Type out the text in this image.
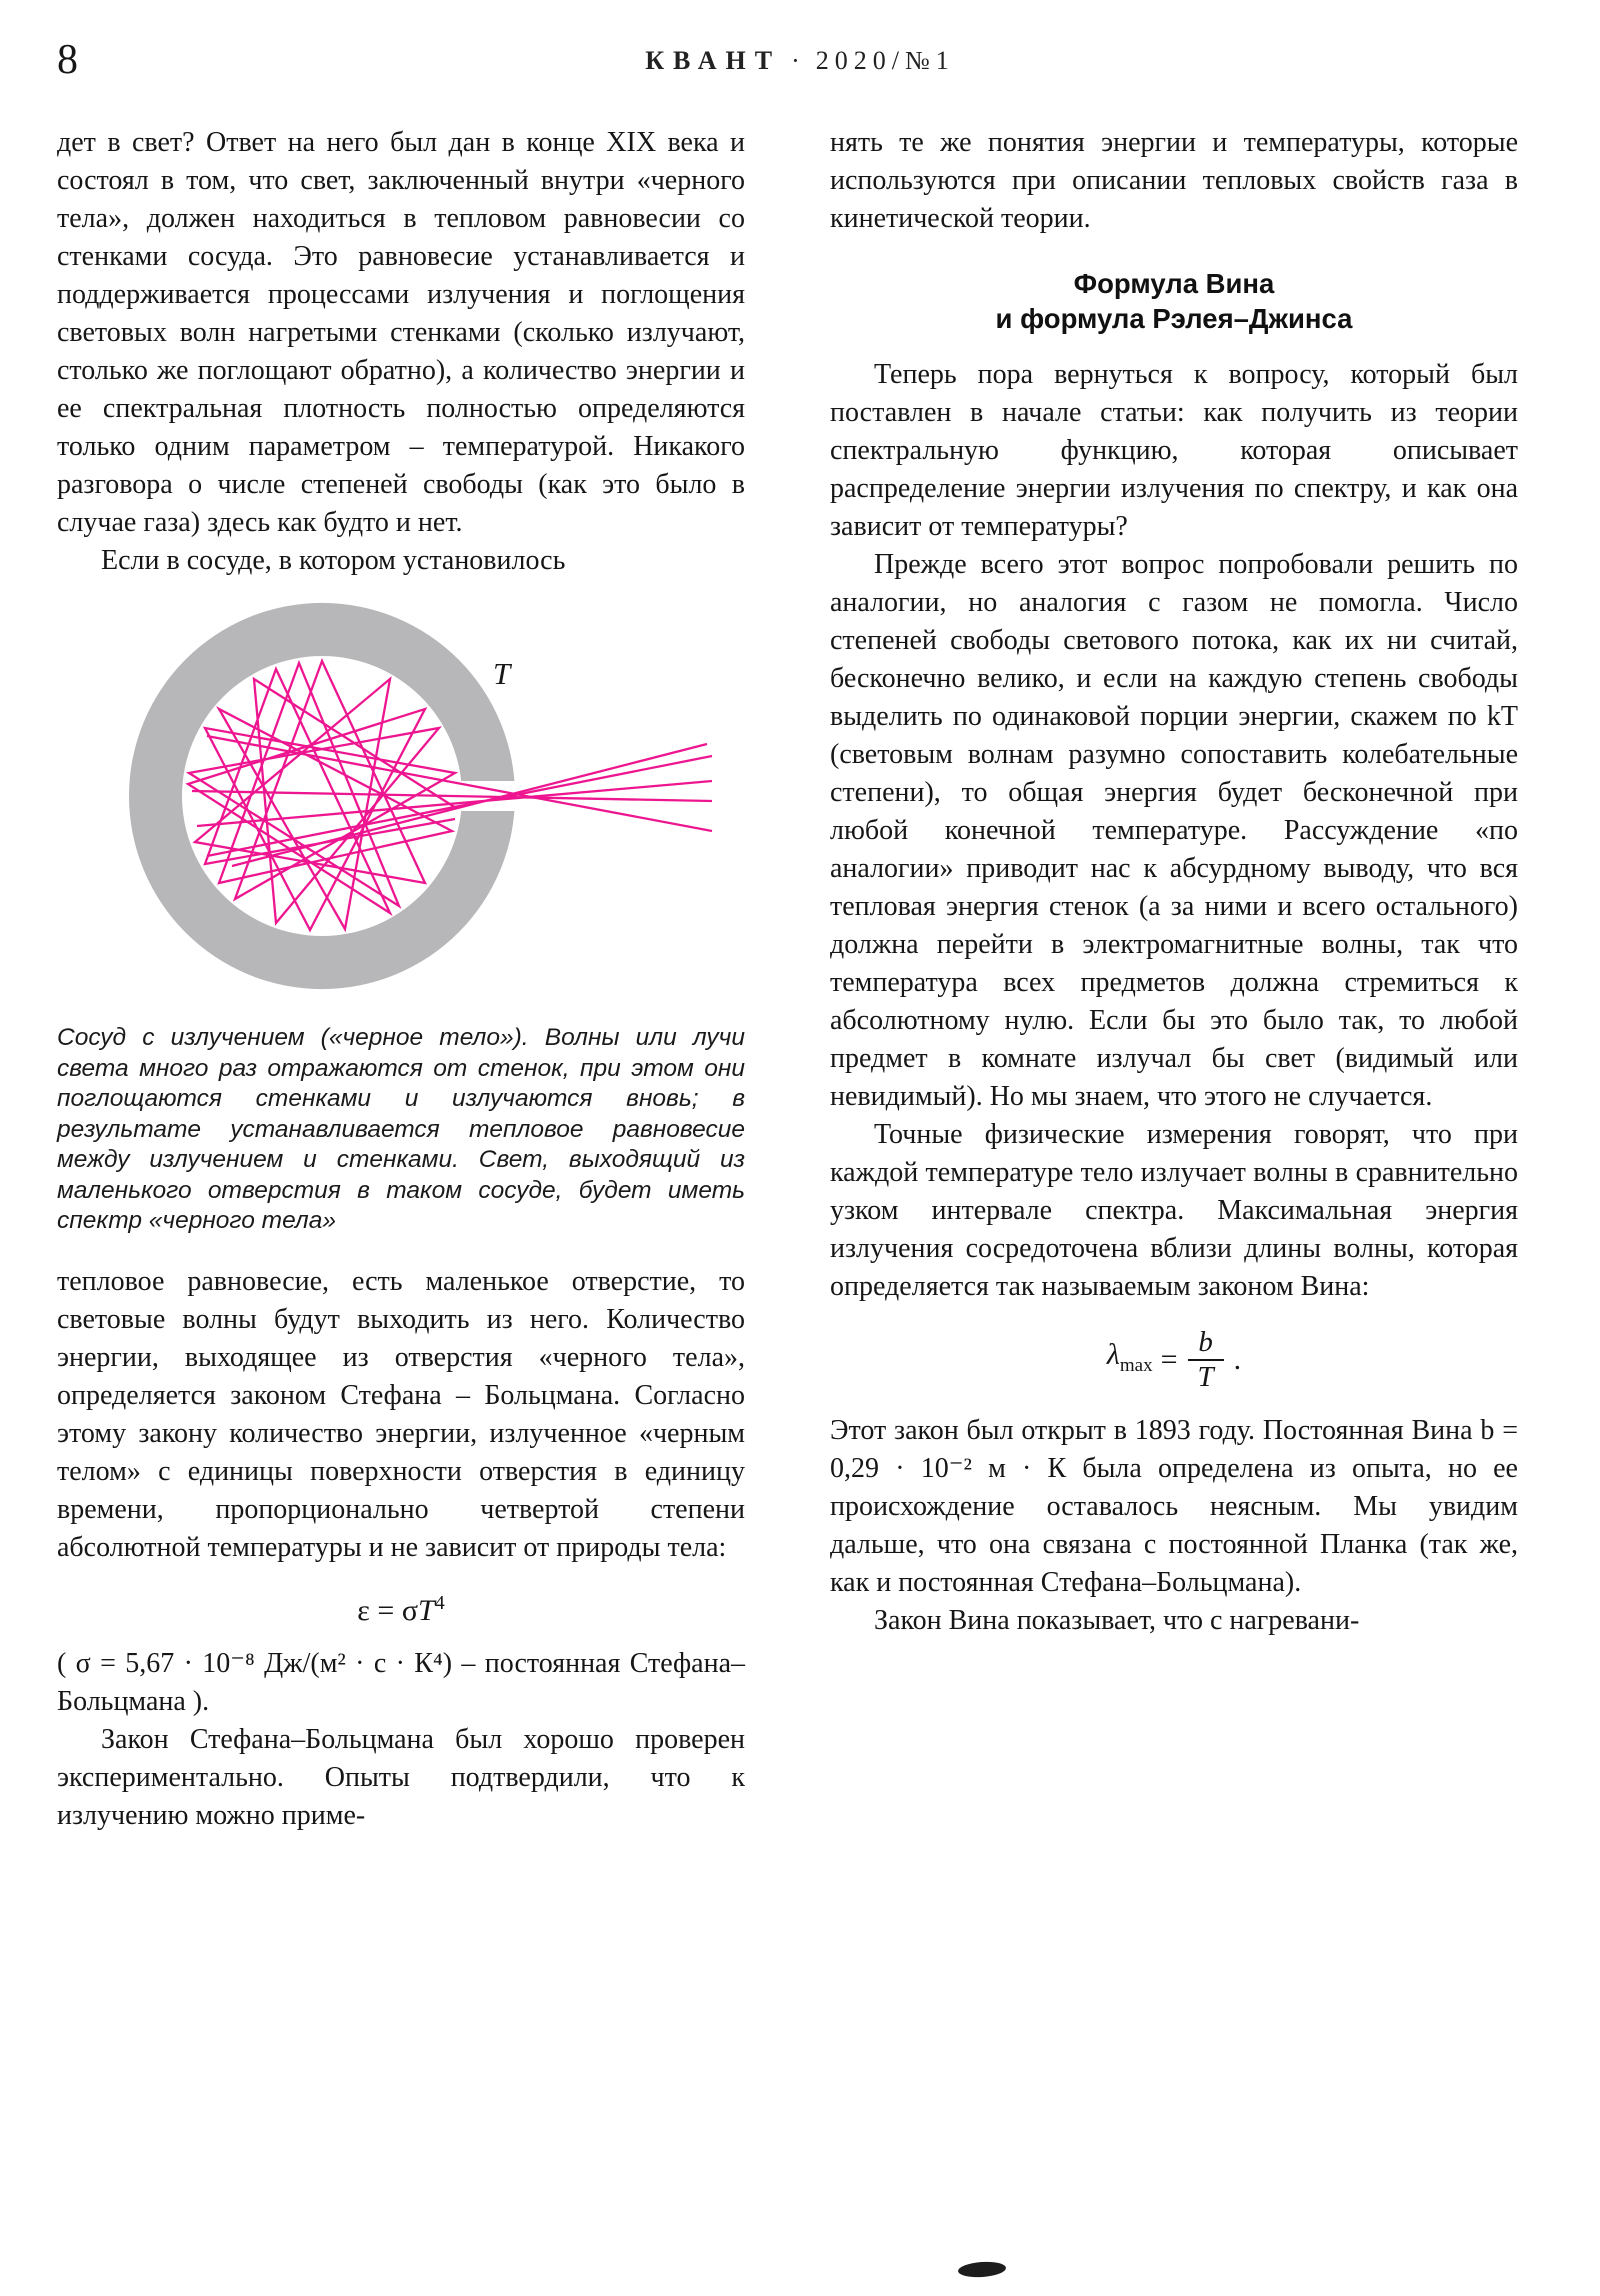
8	КВАНТ · 2020/№1

дет в свет? Ответ на него был дан в конце XIX века и состоял в том, что свет, заключенный внутри «черного тела», должен находиться в тепловом равновесии со стенками сосуда. Это равновесие устанавливается и поддерживается процессами излучения и поглощения световых волн нагретыми стенками (сколько излучают, столько же поглощают обратно), а количество энергии и ее спектральная плотность полностью определяются только одним параметром – температурой. Никакого разговора о числе степеней свободы (как это было в случае газа) здесь как будто и нет.

Если в сосуде, в котором установилось

T
Сосуд с излучением («черное тело»). Волны или лучи света много раз отражаются от стенок, при этом они поглощаются стенками и излучаются вновь; в результате устанавливается тепловое равновесие между излучением и стенками. Свет, выходящий из маленького отверстия в таком сосуде, будет иметь спектр «черного тела»

тепловое равновесие, есть маленькое отверстие, то световые волны будут выходить из него. Количество энергии, выходящее из отверстия «черного тела», определяется законом Стефана – Больцмана. Согласно этому закону количество энергии, излученное «черным телом» с единицы поверхности отверстия в единицу времени, пропорционально четвертой степени абсолютной температуры и не зависит от природы тела:

$\varepsilon = \sigma T^4$

( σ = 5,67 · 10⁻⁸ Дж/(м² · с · К⁴) – постоянная Стефана–Больцмана ).

Закон Стефана–Больцмана был хорошо проверен экспериментально. Опыты подтвердили, что к излучению можно приме-

нять те же понятия энергии и температуры, которые используются при описании тепловых свойств газа в кинетической теории.

Формула Вина
и формула Рэлея–Джинса

Теперь пора вернуться к вопросу, который был поставлен в начале статьи: как получить из теории спектральную функцию, которая описывает распределение энергии излучения по спектру, и как она зависит от температуры?

Прежде всего этот вопрос попробовали решить по аналогии, но аналогия с газом не помогла. Число степеней свободы светового потока, как их ни считай, бесконечно велико, и если на каждую степень свободы выделить по одинаковой порции энергии, скажем по kT (световым волнам разумно сопоставить колебательные степени), то общая энергия будет бесконечной при любой конечной температуре. Рассуждение «по аналогии» приводит нас к абсурдному выводу, что вся тепловая энергия стенок (а за ними и всего остального) должна перейти в электромагнитные волны, так что температура всех предметов должна стремиться к абсолютному нулю. Если бы это было так, то любой предмет в комнате излучал бы свет (видимый или невидимый). Но мы знаем, что этого не случается.

Точные физические измерения говорят, что при каждой температуре тело излучает волны в сравнительно узком интервале спектра. Максимальная энергия излучения сосредоточена вблизи длины волны, которая определяется так называемым законом Вина:

$\lambda_{max} = \frac{b}{T}$ .

Этот закон был открыт в 1893 году. Постоянная Вина b = 0,29 · 10⁻² м · К была определена из опыта, но ее происхождение оставалось неясным. Мы увидим дальше, что она связана с постоянной Планка (так же, как и постоянная Стефана–Больцмана).

Закон Вина показывает, что с нагревани-
